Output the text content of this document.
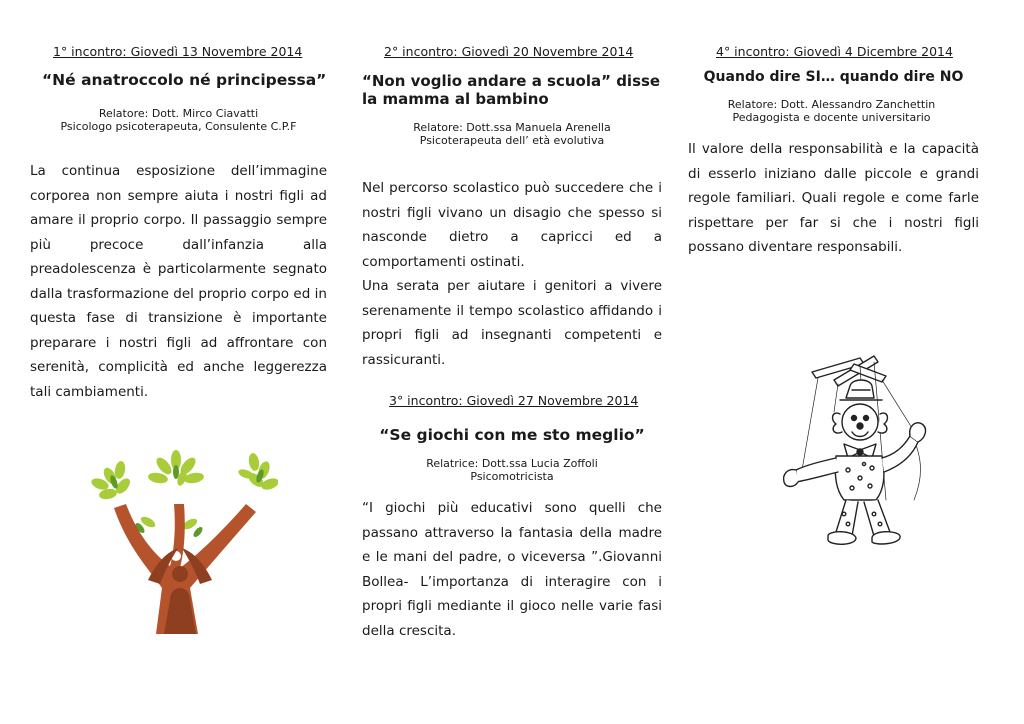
1° incontro: Giovedì 13 Novembre 2014
“Né anatroccolo né principessa”
Relatore: Dott. Mirco Ciavatti
Psicologo psicoterapeuta, Consulente C.P.F

La continua esposizione dell’immagine corporea non sempre aiuta i nostri figli ad amare il proprio corpo. Il passaggio sempre più precoce dall’infanzia alla preadolescenza è particolarmente segnato dalla trasformazione del proprio corpo ed in questa fase di transizione è importante preparare i nostri figli ad affrontare con serenità, complicità ed anche leggerezza tali cambiamenti.

2° incontro: Giovedì 20 Novembre 2014
“Non voglio andare a scuola” disse la mamma al bambino
Relatore: Dott.ssa Manuela Arenella
Psicoterapeuta dell’ età evolutiva

Nel percorso scolastico può succedere che i nostri figli vivano un disagio che spesso si nasconde dietro a capricci ed a comportamenti ostinati.

Una serata per aiutare i genitori a vivere serenamente il tempo scolastico affidando i propri figli ad insegnanti competenti e rassicuranti.

3° incontro: Giovedì 27 Novembre 2014
“Se giochi con me sto meglio”
Relatrice: Dott.ssa Lucia Zoffoli
Psicomotricista

“I giochi più educativi sono quelli che passano attraverso la fantasia della madre e le mani del padre, o viceversa ”.Giovanni Bollea- L’importanza di interagire con i propri figli mediante il gioco nelle varie fasi della crescita.

4° incontro: Giovedì 4 Dicembre 2014
Quando dire SI… quando dire NO
Relatore: Dott. Alessandro Zanchettin
Pedagogista e docente universitario

Il valore della responsabilità e la capacità di esserlo iniziano dalle piccole e grandi regole familiari. Quali regole e come farle rispettare per far si che i nostri figli possano diventare responsabili.
